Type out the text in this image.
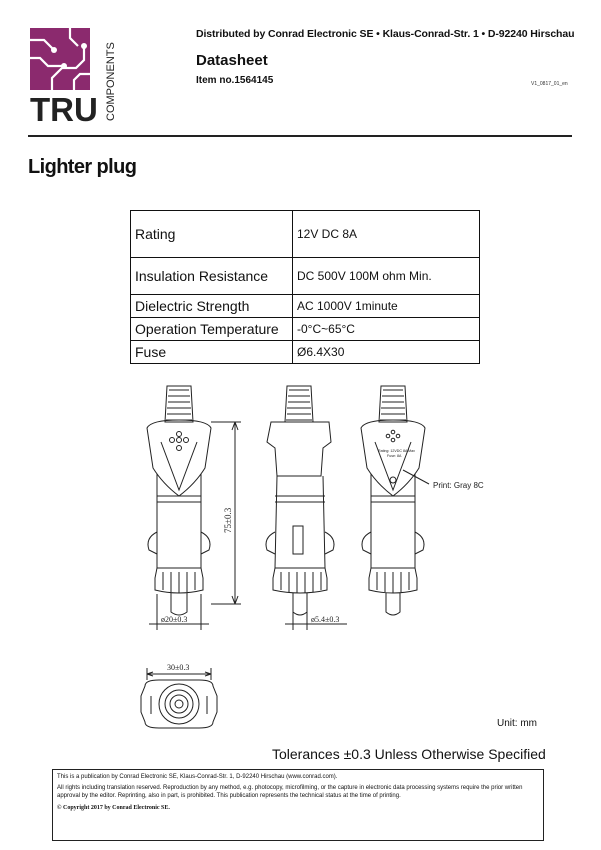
TRU COMPONENTS
Distributed by Conrad Electronic SE • Klaus-Conrad-Str. 1 • D-92240 Hirschau
Datasheet
Item no.1564145	V1_0817_01_en
Lighter plug
Rating	12V DC 8A
Insulation Resistance	DC 500V 100M ohm Min.
Dielectric Strength	AC 1000V 1minute
Operation Temperature	-0°C~65°C
Fuse	Ø6.4X30
75±0.3
ø20±0.3	ø5.4±0.3
30±0.3
Rating: 12VDC 8A Max
Fuse: 8A
Print: Gray 8C
Unit: mm
Tolerances ±0.3 Unless Otherwise Specified

This is a publication by Conrad Electronic SE, Klaus-Conrad-Str. 1, D-92240 Hirschau (www.conrad.com).

All rights including translation reserved. Reproduction by any method, e.g. photocopy, microfilming, or the capture in electronic data processing systems require the prior written approval by the editor. Reprinting, also in part, is prohibited. This publication represents the technical status at the time of printing.

© Copyright 2017 by Conrad Electronic SE.
